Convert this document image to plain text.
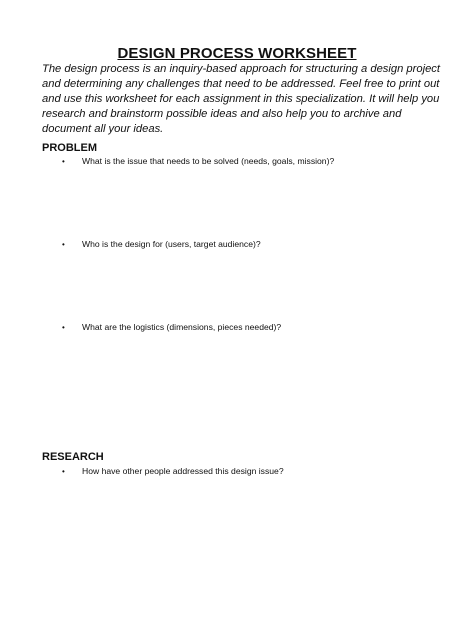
DESIGN PROCESS WORKSHEET
The design process is an inquiry-based approach for structuring a design project and determining any challenges that need to be addressed. Feel free to print out and use this worksheet for each assignment in this specialization. It will help you research and brainstorm possible ideas and also help you to archive and document all your ideas.
PROBLEM
•	What is the issue that needs to be solved (needs, goals, mission)?
•	Who is the design for (users, target audience)?
•	What are the logistics (dimensions, pieces needed)?
RESEARCH
•	How have other people addressed this design issue?
